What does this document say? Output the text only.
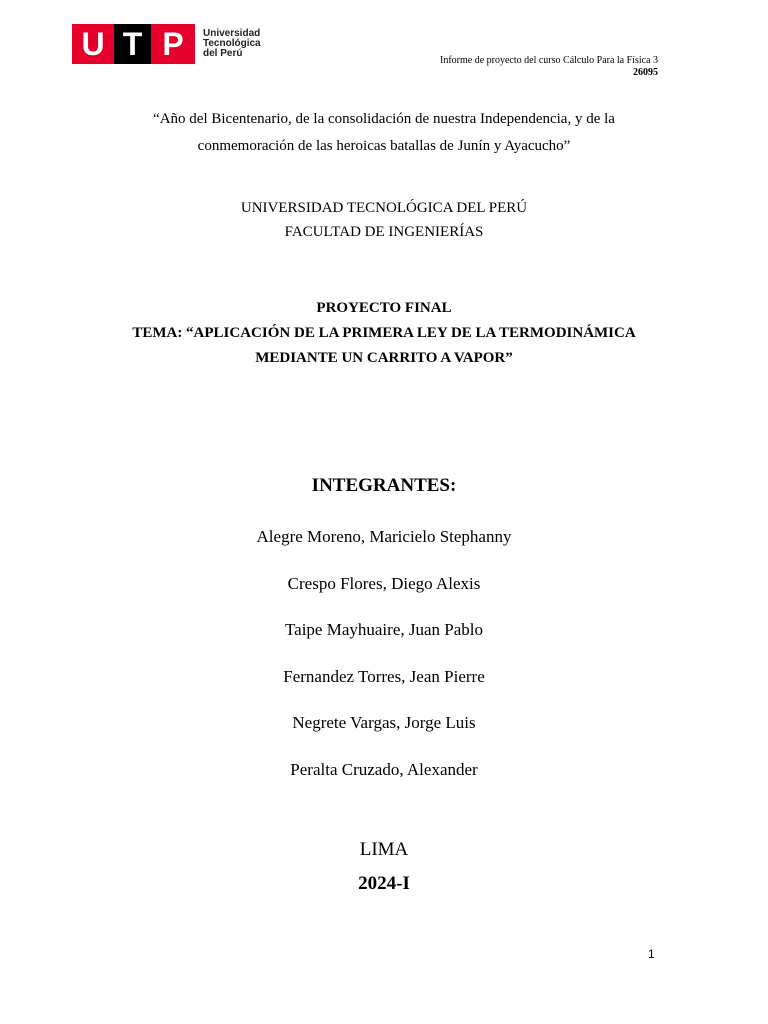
U T P	Universidad
Tecnológica
del Perú
Informe de proyecto del curso Cálculo Para la Física 3
26095
“Año del Bicentenario, de la consolidación de nuestra Independencia, y de la
conmemoración de las heroicas batallas de Junín y Ayacucho”
UNIVERSIDAD TECNOLÓGICA DEL PERÚ
FACULTAD DE INGENIERÍAS
PROYECTO FINAL
TEMA: “APLICACIÓN DE LA PRIMERA LEY DE LA TERMODINÁMICA
MEDIANTE UN CARRITO A VAPOR”
INTEGRANTES:
Alegre Moreno, Maricielo Stephanny
Crespo Flores, Diego Alexis
Taipe Mayhuaire, Juan Pablo
Fernandez Torres, Jean Pierre
Negrete Vargas, Jorge Luis
Peralta Cruzado, Alexander
LIMA
2024-I
1
